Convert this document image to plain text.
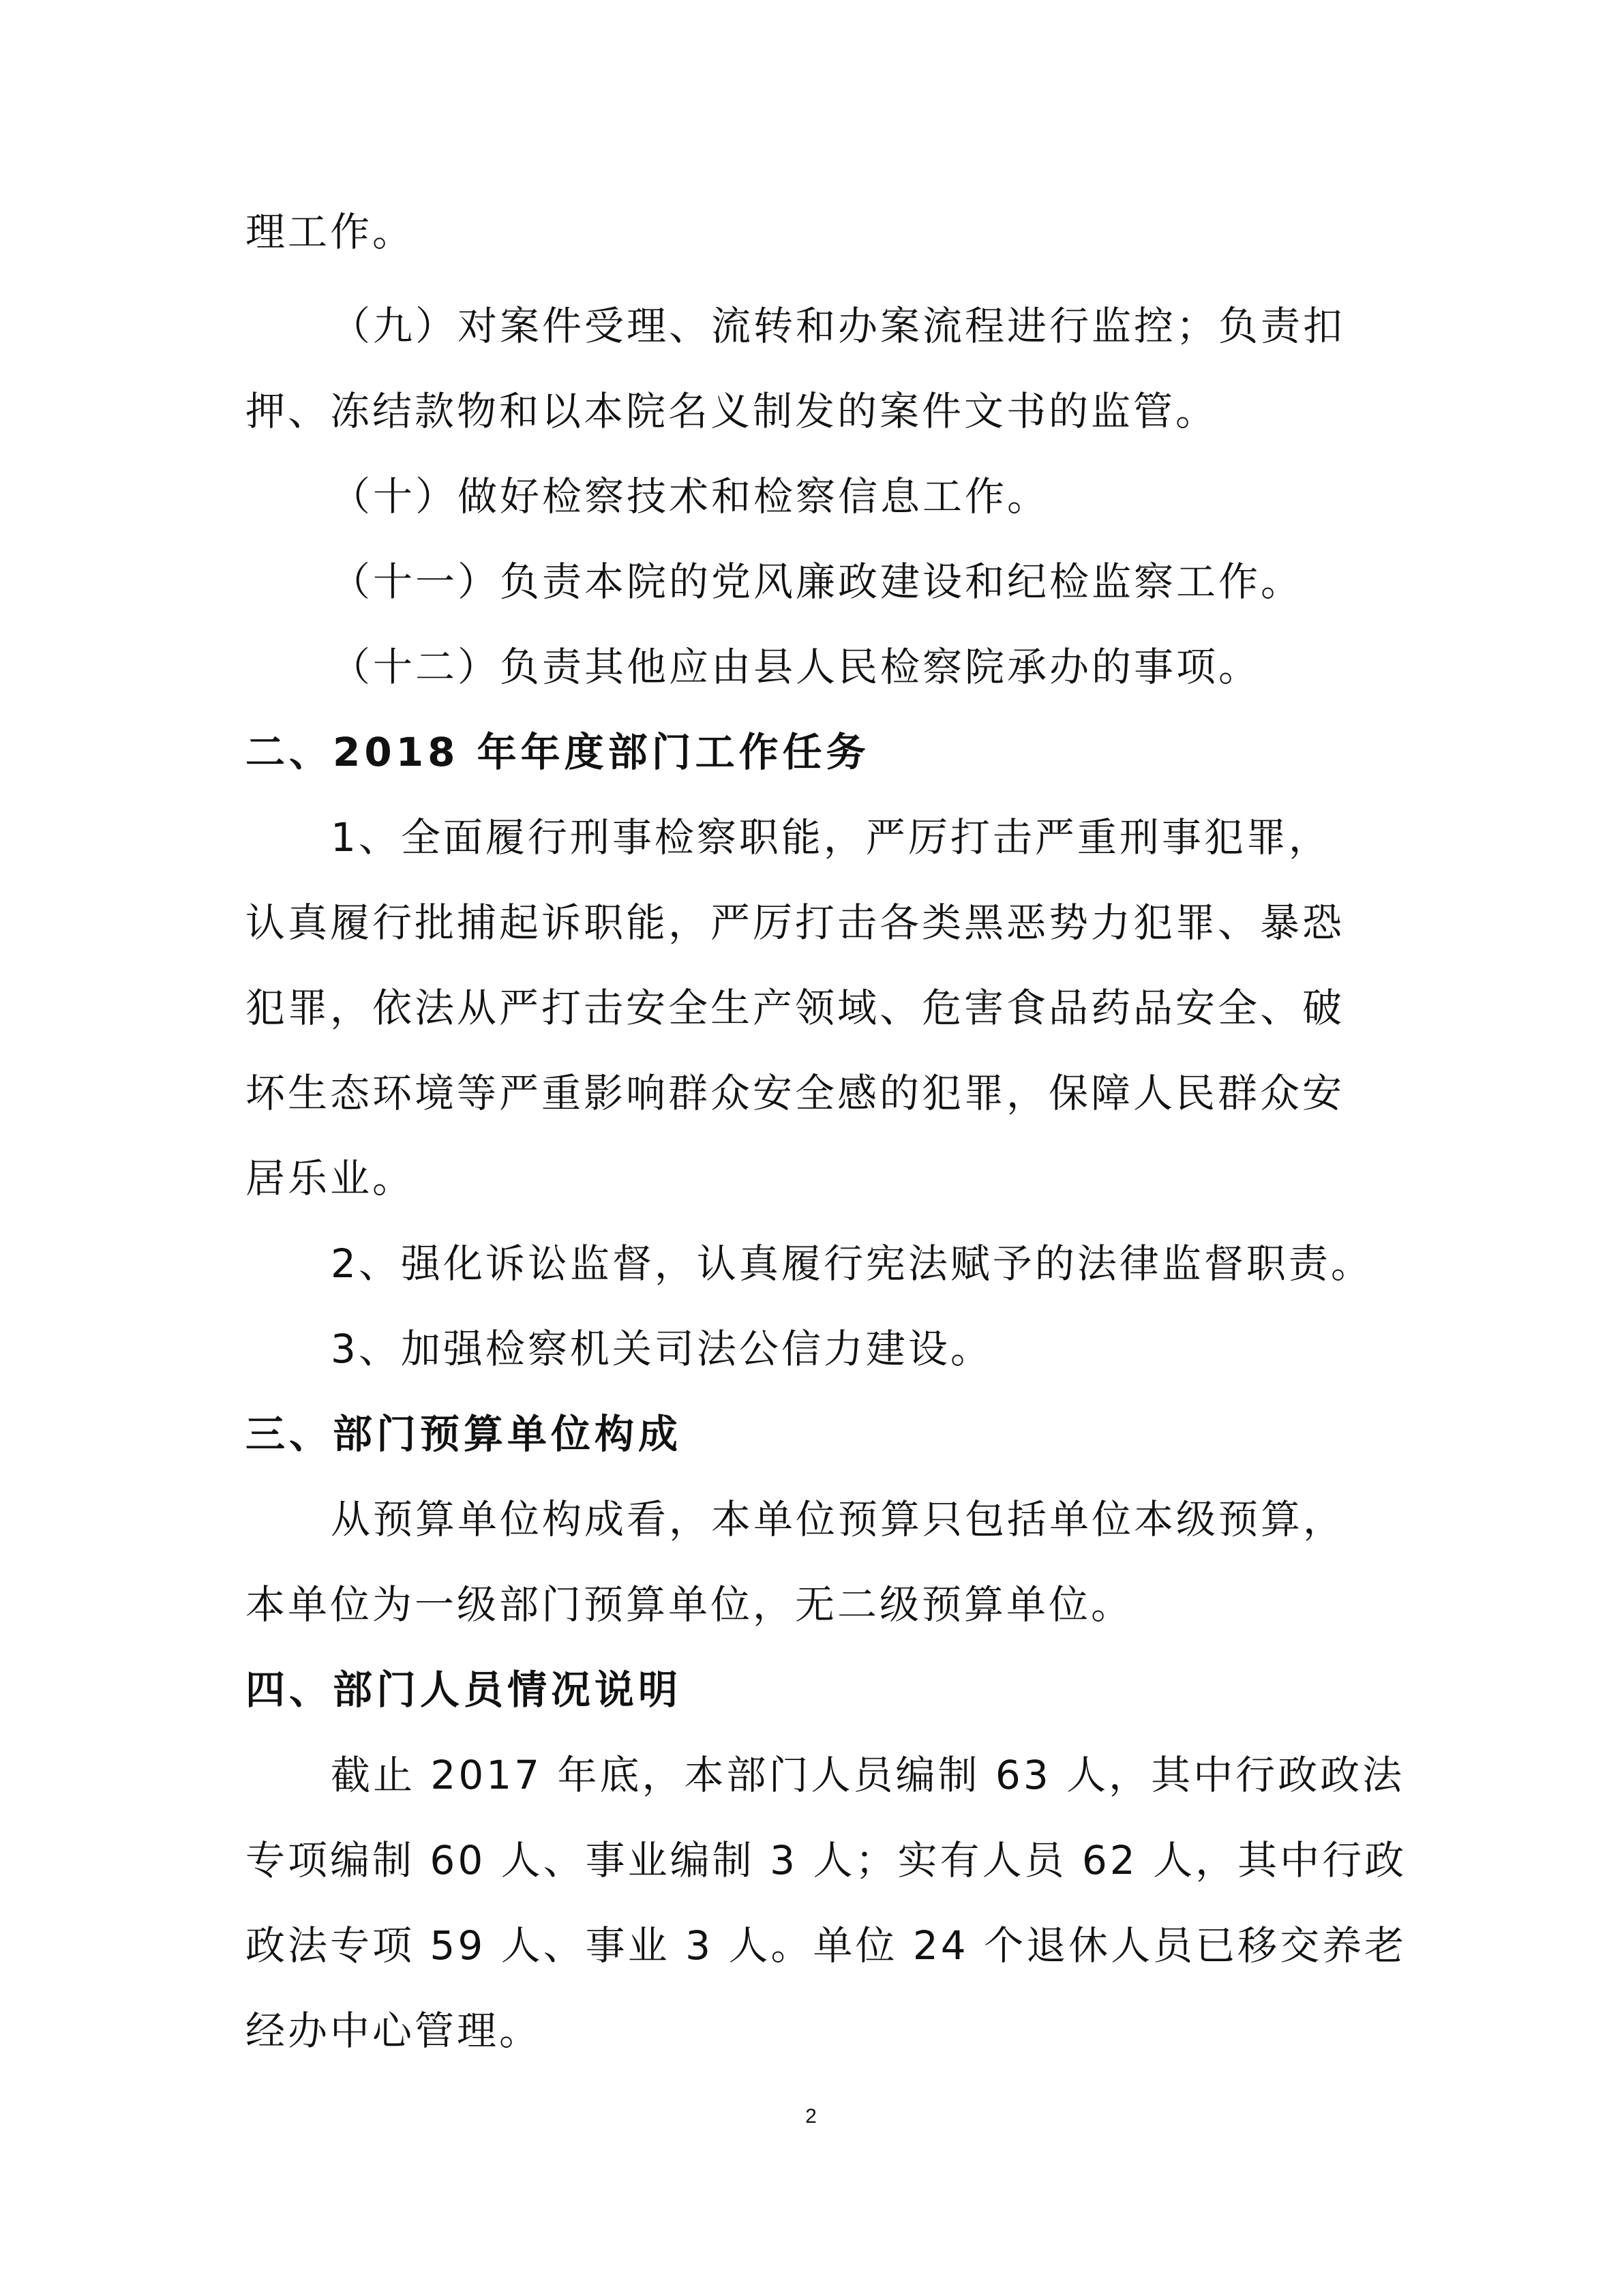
理工作。
（九）对案件受理、流转和办案流程进行监控；负责扣
押、冻结款物和以本院名义制发的案件文书的监管。
（十）做好检察技术和检察信息工作。
（十一）负责本院的党风廉政建设和纪检监察工作。
（十二）负责其他应由县人民检察院承办的事项。
二、2018 年年度部门工作任务
1、全面履行刑事检察职能，严厉打击严重刑事犯罪，
认真履行批捕起诉职能，严厉打击各类黑恶势力犯罪、暴恐
犯罪，依法从严打击安全生产领域、危害食品药品安全、破
坏生态环境等严重影响群众安全感的犯罪，保障人民群众安
居乐业。
2、强化诉讼监督，认真履行宪法赋予的法律监督职责。
3、加强检察机关司法公信力建设。
三、部门预算单位构成
从预算单位构成看，本单位预算只包括单位本级预算，
本单位为一级部门预算单位，无二级预算单位。
四、部门人员情况说明
截止 2017 年底，本部门人员编制 63 人，其中行政政法
专项编制 60 人、事业编制 3 人；实有人员 62 人，其中行政
政法专项 59 人、事业 3 人。单位 24 个退休人员已移交养老
经办中心管理。
2
